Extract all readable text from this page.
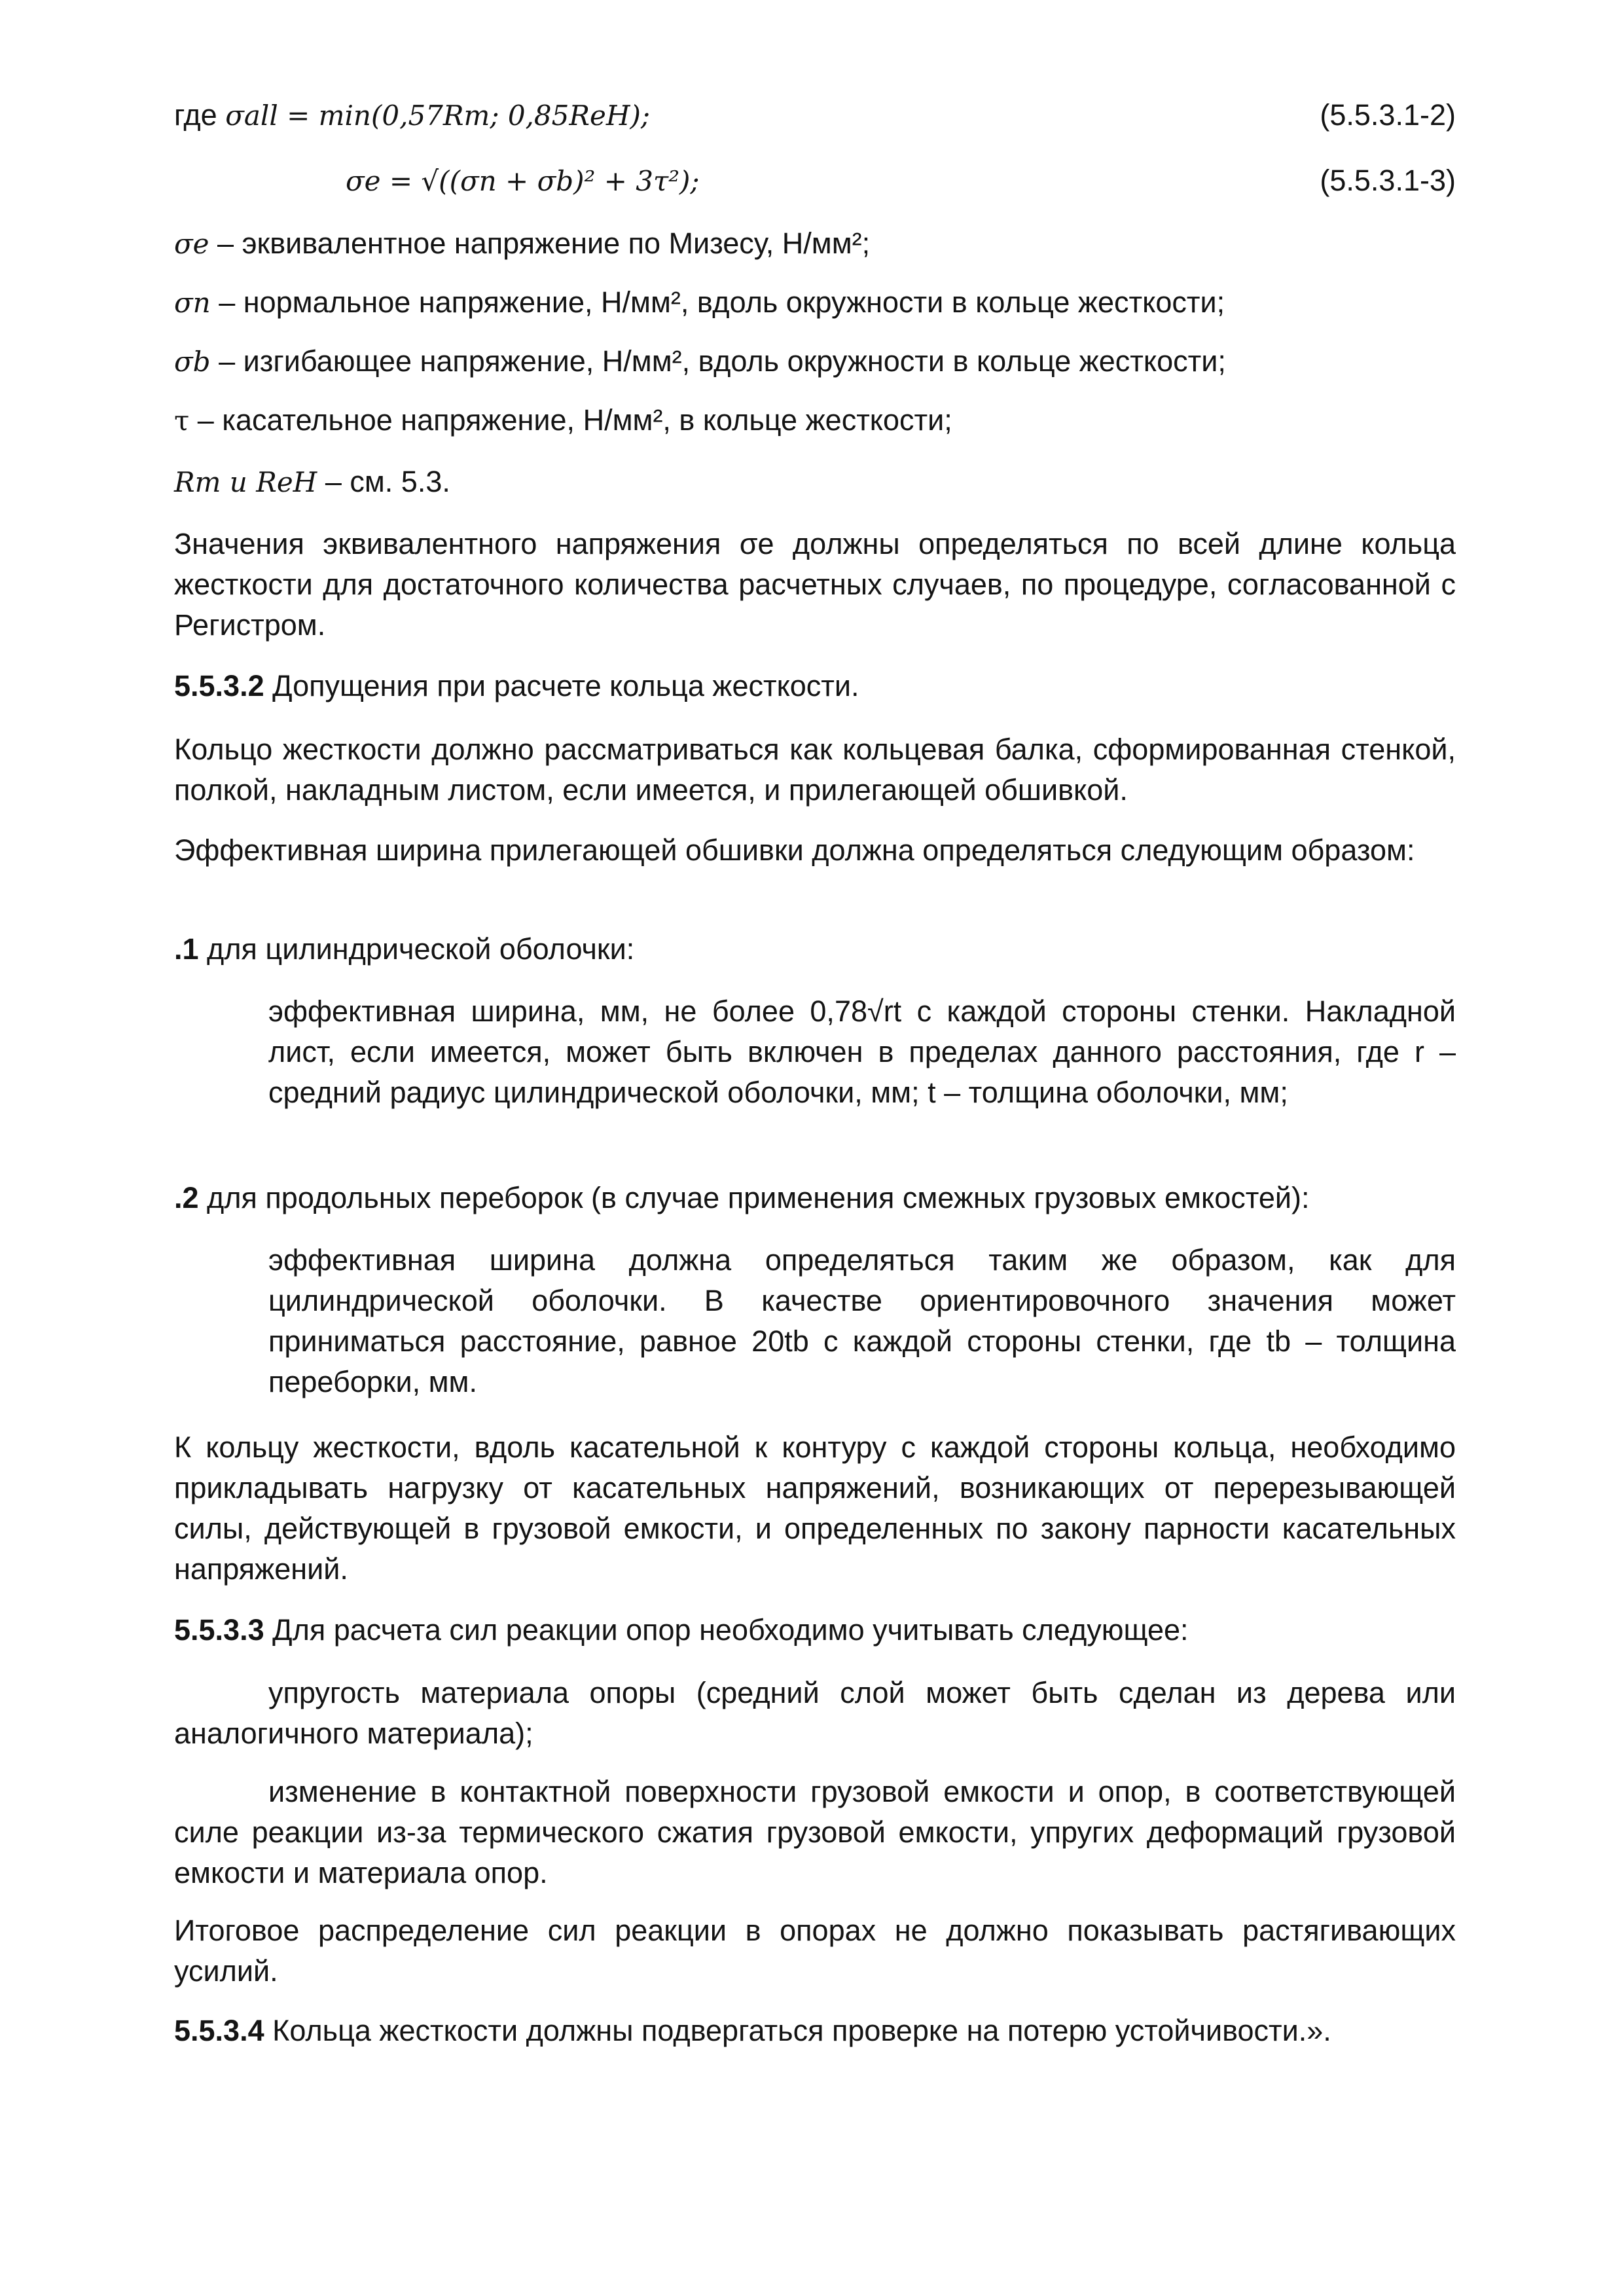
где σall = min(0,57Rm; 0,85ReH);	(5.5.3.1-2)
σe = √((σn + σb)² + 3τ²);	(5.5.3.1-3)
σe – эквивалентное напряжение по Мизесу, Н/мм²;
σn – нормальное напряжение, Н/мм², вдоль окружности в кольце жесткости;
σb – изгибающее напряжение, Н/мм², вдоль окружности в кольце жесткости;
τ – касательное напряжение, Н/мм², в кольце жесткости;
Rm и ReH – см. 5.3.
Значения эквивалентного напряжения σe должны определяться по всей длине кольца жесткости для достаточного количества расчетных случаев, по процедуре, согласованной с Регистром.
5.5.3.2 Допущения при расчете кольца жесткости.
Кольцо жесткости должно рассматриваться как кольцевая балка, сформированная стенкой, полкой, накладным листом, если имеется, и прилегающей обшивкой.
Эффективная ширина прилегающей обшивки должна определяться следующим образом:
.1 для цилиндрической оболочки:
эффективная ширина, мм, не более 0,78√rt с каждой стороны стенки. Накладной лист, если имеется, может быть включен в пределах данного расстояния, где r – средний радиус цилиндрической оболочки, мм; t – толщина оболочки, мм;
.2 для продольных переборок (в случае применения смежных грузовых емкостей):
эффективная ширина должна определяться таким же образом, как для цилиндрической оболочки. В качестве ориентировочного значения может приниматься расстояние, равное 20tb с каждой стороны стенки, где tb – толщина переборки, мм.
К кольцу жесткости, вдоль касательной к контуру с каждой стороны кольца, необходимо прикладывать нагрузку от касательных напряжений, возникающих от перерезывающей силы, действующей в грузовой емкости, и определенных по закону парности касательных напряжений.
5.5.3.3 Для расчета сил реакции опор необходимо учитывать следующее:
упругость материала опоры (средний слой может быть сделан из дерева или аналогичного материала);
изменение в контактной поверхности грузовой емкости и опор, в соответствующей силе реакции из-за термического сжатия грузовой емкости, упругих деформаций грузовой емкости и материала опор.
Итоговое распределение сил реакции в опорах не должно показывать растягивающих усилий.
5.5.3.4 Кольца жесткости должны подвергаться проверке на потерю устойчивости.».
